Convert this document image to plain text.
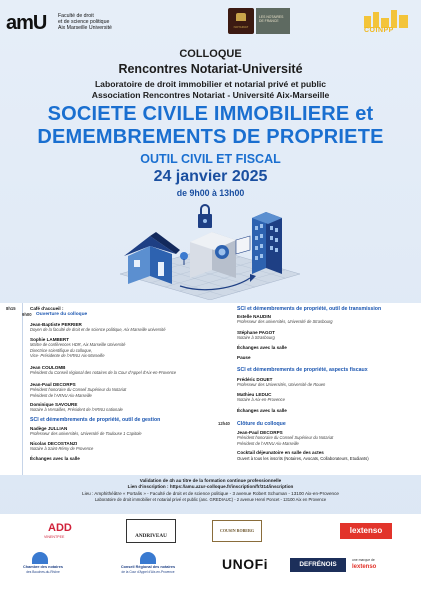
amU Faculté de droit
et de science politique
Aix Marseille Université	NOTARIAT
LES NOTAIRES DE FRANCE
COINPP
COLLOQUE
Rencontres Notariat-Université
Laboratoire de droit immobilier et notarial privé et public
Association Rencontres Notariat - Université Aix-Marseille
SOCIETE CIVILE IMMOBILIERE et
DEMEMBREMENTS DE PROPRIETE
OUTIL CIVIL ET FISCAL
24 janvier 2025
de 9h00 à 13h00
8h15	Café d'accueil :
9h00 Ouverture du colloque
Jean-Baptiste PERRIER
Doyen de la faculté de droit et de science politique, Aix Marseille université
Sophie LAMBERT
Maître de conférences HDR, Aix Marseille Université
Directrice scientifique du colloque,
Vice- Présidente de l'ARNU Aix-Marseille
Jean COULOMB
Président du Conseil régional des notaires de la Cour d'Appel d'Aix-en-Provence
Jean-Paul DECORPS
Président honoraire du Conseil Supérieur du Notariat
Président de l'ARNU Aix-Marseille
Dominique SAVOURE
Notaire à Versailles, Président de l'ARNU nationale
SCI et démembrements de propriété, outil de gestion
Nadège JULLIAN
Professeur des universités, Université de Toulouse 1 Capitole
Nicolas DECOSTANZI
Notaire à Saint-Rémy de Provence
Échanges avec la salle
SCI et démembrements de propriété, outil de transmission
Estelle NAUDIN
Professeur des universités, Université de Strasbourg
Stéphane PAGOT
Notaire à Strasbourg
Échanges avec la salle
Pause
SCI et démembrements de propriété, aspects fiscaux
Frédéric DOUET
Professeur des Universités, Université de Rouen
Mathieu LEDUC
Notaire à Aix-en-Provence
Échanges avec la salle
12h40 Clôture du colloque
Jean-Paul DECORPS
Président honoraire du Conseil Supérieur du Notariat
Président de l'ARNU Aix-Marseille
Cocktail déjeunatoire en salle des actes
Ouvert à tous les inscrits (Notaires, Avocats, Collaborateurs, Etudiants)
Validation de 4h au titre de la formation continue professionnelle
Lien d'inscription : https://amu.azur-colloque.fr/inscription/fr/314/inscription
Lieu : Amphithéâtre « Portalis » - Faculté de droit et de science politique - 3 avenue Robert Schuman - 13100 Aix-en-Provence
Laboratoire de droit immobilier et notarial privé et public (anc. GREDIAUC) - 2 avenue Henri Poncet - 13100 Aix en Provence
ADD
VINENTPEE	ANDRIVEAU
COUSIN ROBERG	lextenso
Chambre des notaires
des Bouches-du-Rhône
Conseil Régional des notaires
de la Cour d'Appel d'Aix-en-Provence	UNOFi	DEFRÉNOIS
une marque de
lextenso
